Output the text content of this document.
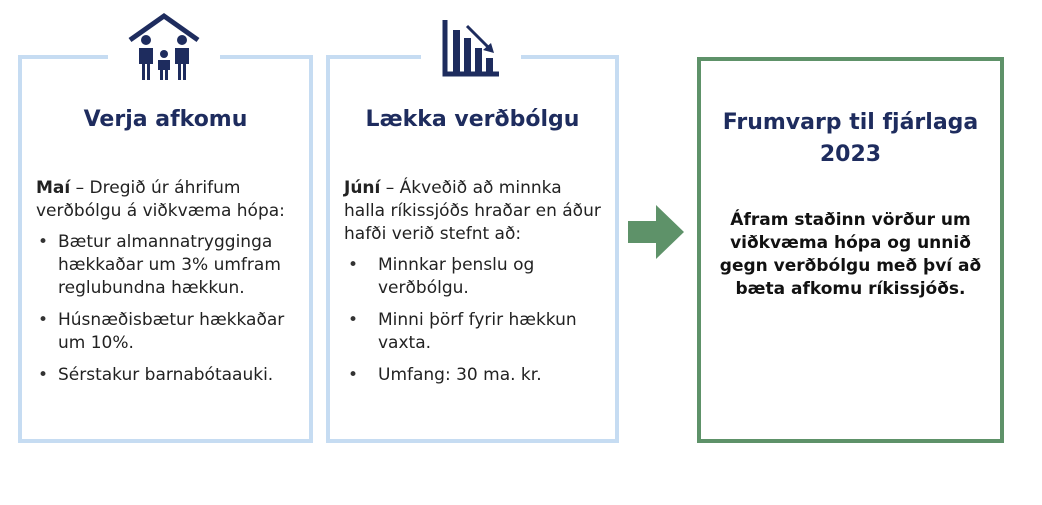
Verja afkomu

Maí – Dregið úr áhrifum verðbólgu á viðkvæma hópa:

• Bætur almannatrygginga hækkaðar um 3% umfram reglubundna hækkun.
• Húsnæðisbætur hækkaðar um 10%.
• Sérstakur barnabótaauki.
Lækka verðbólgu

Júní – Ákveðið að minnka halla ríkissjóðs hraðar en áður hafði verið stefnt að:

• Minnkar þenslu og verðbólgu.
• Minni þörf fyrir hækkun vaxta.
• Umfang: 30 ma. kr.
Frumvarp til fjárlaga 2023

Áfram staðinn vörður um viðkvæma hópa og unnið gegn verðbólgu með því að bæta afkomu ríkissjóðs.
